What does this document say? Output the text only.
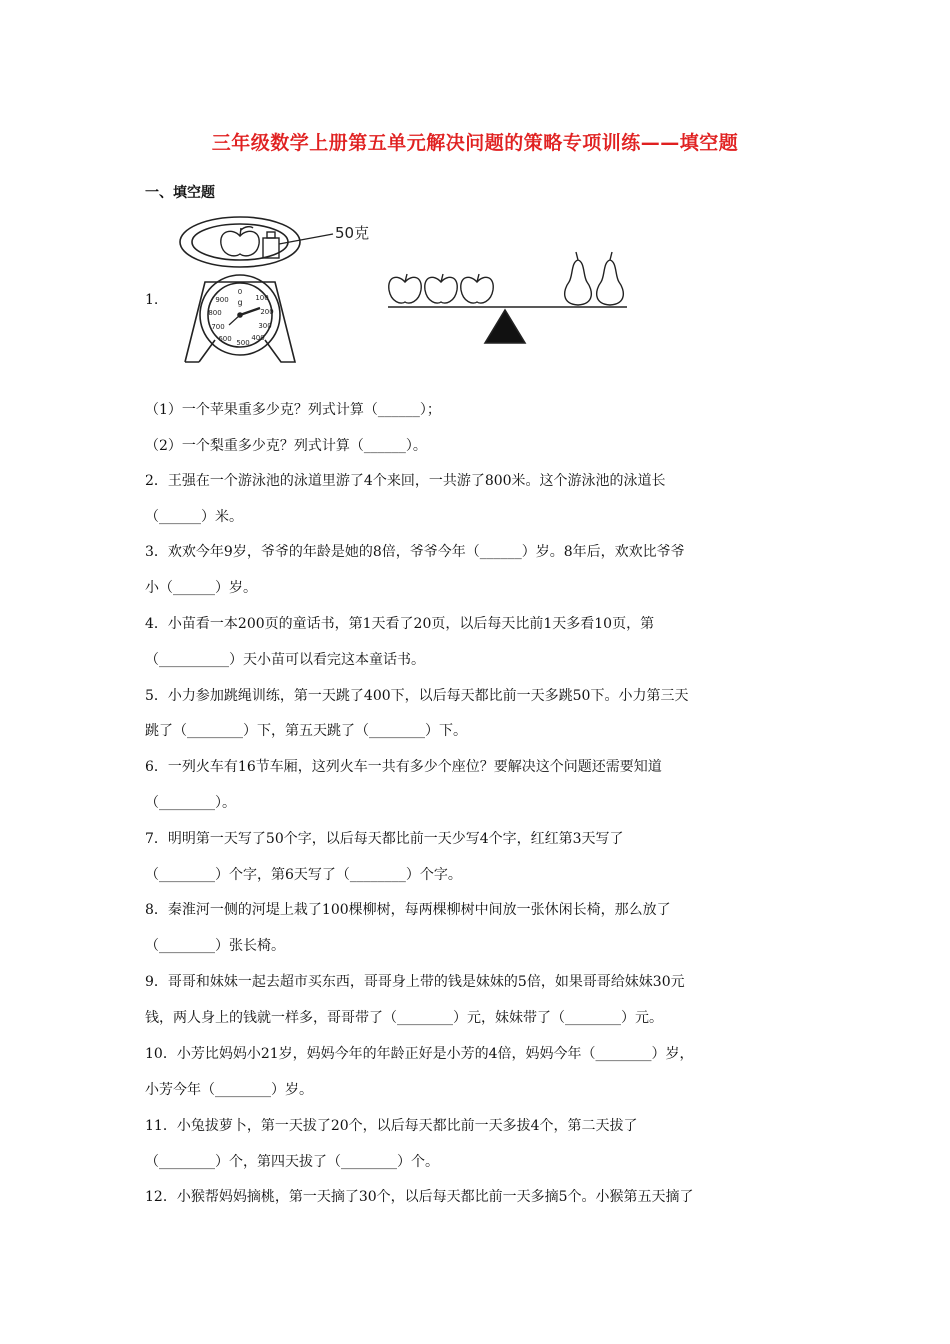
三年级数学上册第五单元解决问题的策略专项训练——填空题
一、填空题
1.
50克
0
100
200
300
400
500
600
700
800
900 g
（1）一个苹果重多少克？列式计算（______）；
（2）一个梨重多少克？列式计算（______）。
2．王强在一个游泳池的泳道里游了4个来回，一共游了800米。这个游泳池的泳道长
（______）米。
3．欢欢今年9岁，爷爷的年龄是她的8倍，爷爷今年（______）岁。8年后，欢欢比爷爷
小（______）岁。
4．小苗看一本200页的童话书，第1天看了20页，以后每天比前1天多看10页，第
（__________）天小苗可以看完这本童话书。
5．小力参加跳绳训练，第一天跳了400下，以后每天都比前一天多跳50下。小力第三天
跳了（________）下，第五天跳了（________）下。
6．一列火车有16节车厢，这列火车一共有多少个座位？要解决这个问题还需要知道
（________）。
7．明明第一天写了50个字，以后每天都比前一天少写4个字，红红第3天写了
（________）个字，第6天写了（________）个字。
8．秦淮河一侧的河堤上栽了100棵柳树，每两棵柳树中间放一张休闲长椅，那么放了
（________）张长椅。
9．哥哥和妹妹一起去超市买东西，哥哥身上带的钱是妹妹的5倍，如果哥哥给妹妹30元
钱，两人身上的钱就一样多，哥哥带了（________）元，妹妹带了（________）元。
10．小芳比妈妈小21岁，妈妈今年的年龄正好是小芳的4倍，妈妈今年（________）岁，
小芳今年（________）岁。
11．小兔拔萝卜，第一天拔了20个，以后每天都比前一天多拔4个，第二天拔了
（________）个，第四天拔了（________）个。
12．小猴帮妈妈摘桃，第一天摘了30个，以后每天都比前一天多摘5个。小猴第五天摘了
